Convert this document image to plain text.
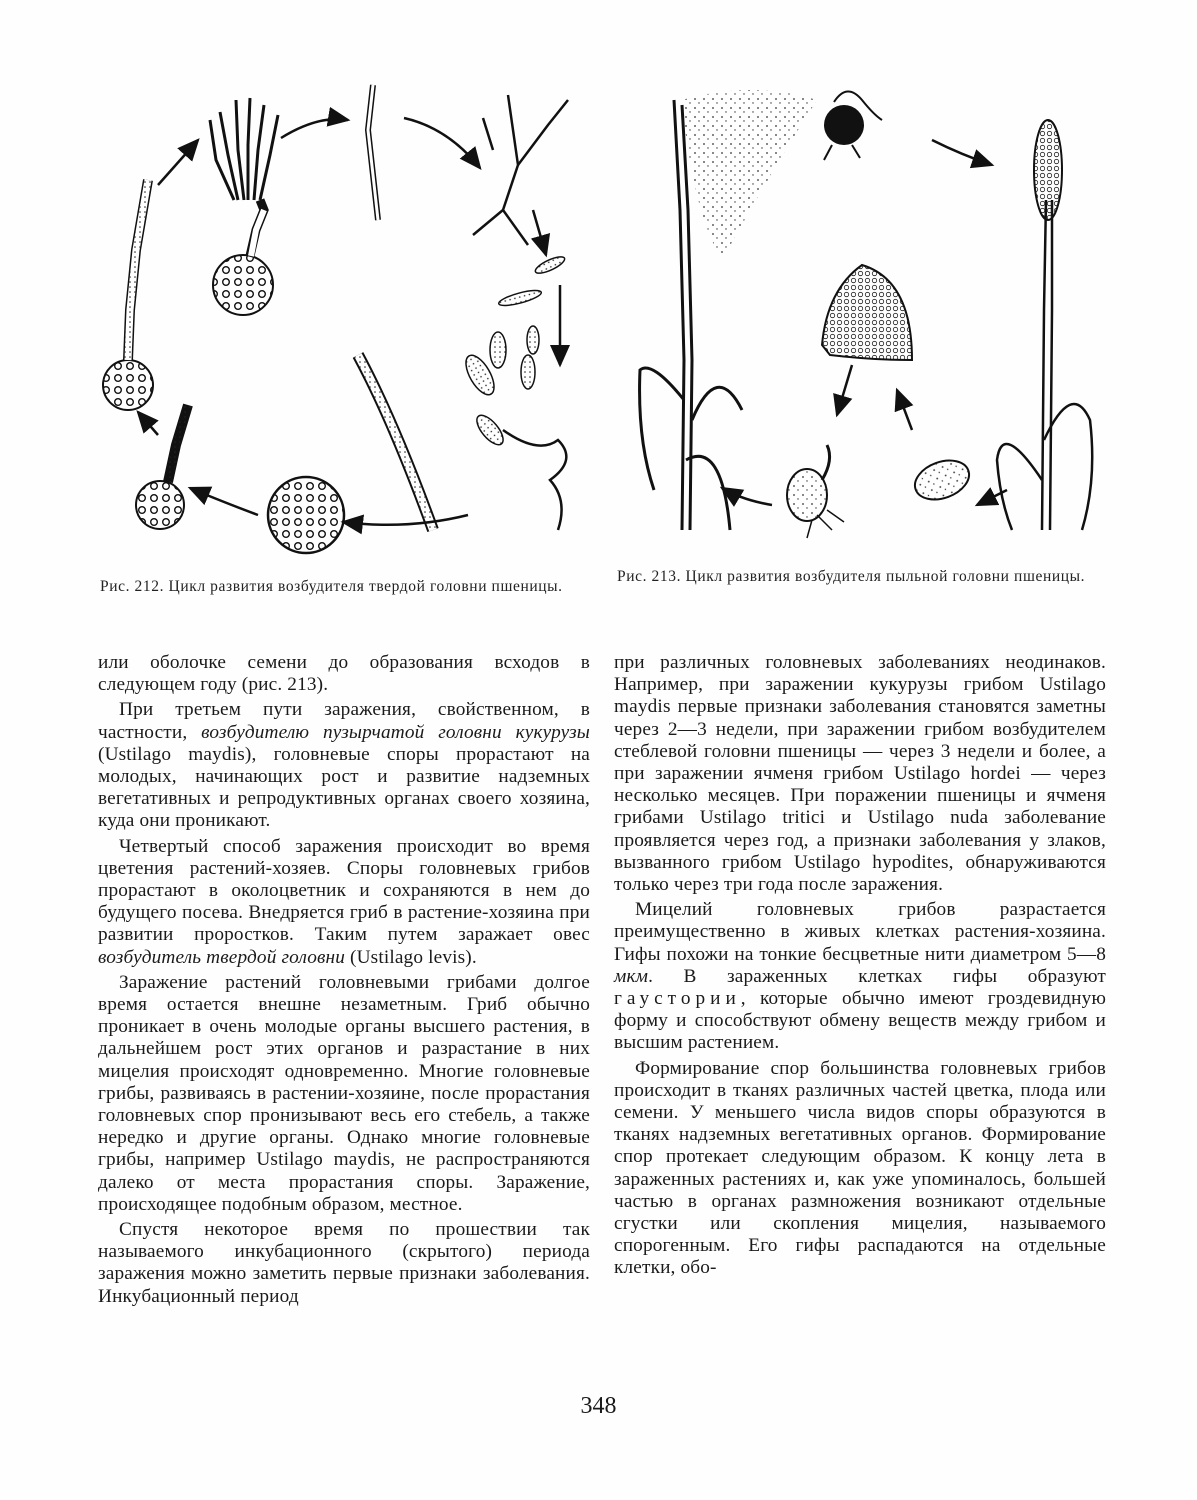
Рис. 212. Цикл развития возбудителя твердой головни пшеницы.
Рис. 213. Цикл развития возбудителя пыльной головни пшеницы.

или оболочке семени до образования всходов в следующем году (рис. 213).

При третьем пути заражения, свойственном, в частности, возбудителю пузырчатой головни кукурузы (Ustilago maydis), головневые споры прорастают на молодых, начинающих рост и развитие надземных вегетативных и репродуктивных органах своего хозяина, куда они проникают.

Четвертый способ заражения происходит во время цветения растений-хозяев. Споры головневых грибов прорастают в околоцветник и сохраняются в нем до будущего посева. Внедряется гриб в растение-хозяина при развитии проростков. Таким путем заражает овес возбудитель твердой головни (Ustilago levis).

Заражение растений головневыми грибами долгое время остается внешне незаметным. Гриб обычно проникает в очень молодые органы высшего растения, в дальнейшем рост этих органов и разрастание в них мицелия происходят одновременно. Многие головневые грибы, развиваясь в растении-хозяине, после прорастания головневых спор пронизывают весь его стебель, а также нередко и другие органы. Однако многие головневые грибы, например Ustilago maydis, не распространяются далеко от места прорастания споры. Заражение, происходящее подобным образом, местное.

Спустя некоторое время по прошествии так называемого инкубационного (скрытого) периода заражения можно заметить первые признаки заболевания. Инкубационный период

при различных головневых заболеваниях неодинаков. Например, при заражении кукурузы грибом Ustilago maydis первые признаки заболевания становятся заметны через 2—3 недели, при заражении грибом возбудителем стеблевой головни пшеницы — через 3 недели и более, а при заражении ячменя грибом Ustilago hordei — через несколько месяцев. При поражении пшеницы и ячменя грибами Ustilago tritici и Ustilago nuda заболевание проявляется через год, а признаки заболевания у злаков, вызванного грибом Ustilago hypodites, обнаруживаются только через три года после заражения.

Мицелий головневых грибов разрастается преимущественно в живых клетках растения-хозяина. Гифы похожи на тонкие бесцветные нити диаметром 5—8 мкм. В зараженных клетках гифы образуют гаустории, которые обычно имеют гроздевидную форму и способствуют обмену веществ между грибом и высшим растением.

Формирование спор большинства головневых грибов происходит в тканях различных частей цветка, плода или семени. У меньшего числа видов споры образуются в тканях надземных вегетативных органов. Формирование спор протекает следующим образом. К концу лета в зараженных растениях и, как уже упоминалось, большей частью в органах размножения возникают отдельные сгустки или скопления мицелия, называемого спорогенным. Его гифы распадаются на отдельные клетки, обо-

348
